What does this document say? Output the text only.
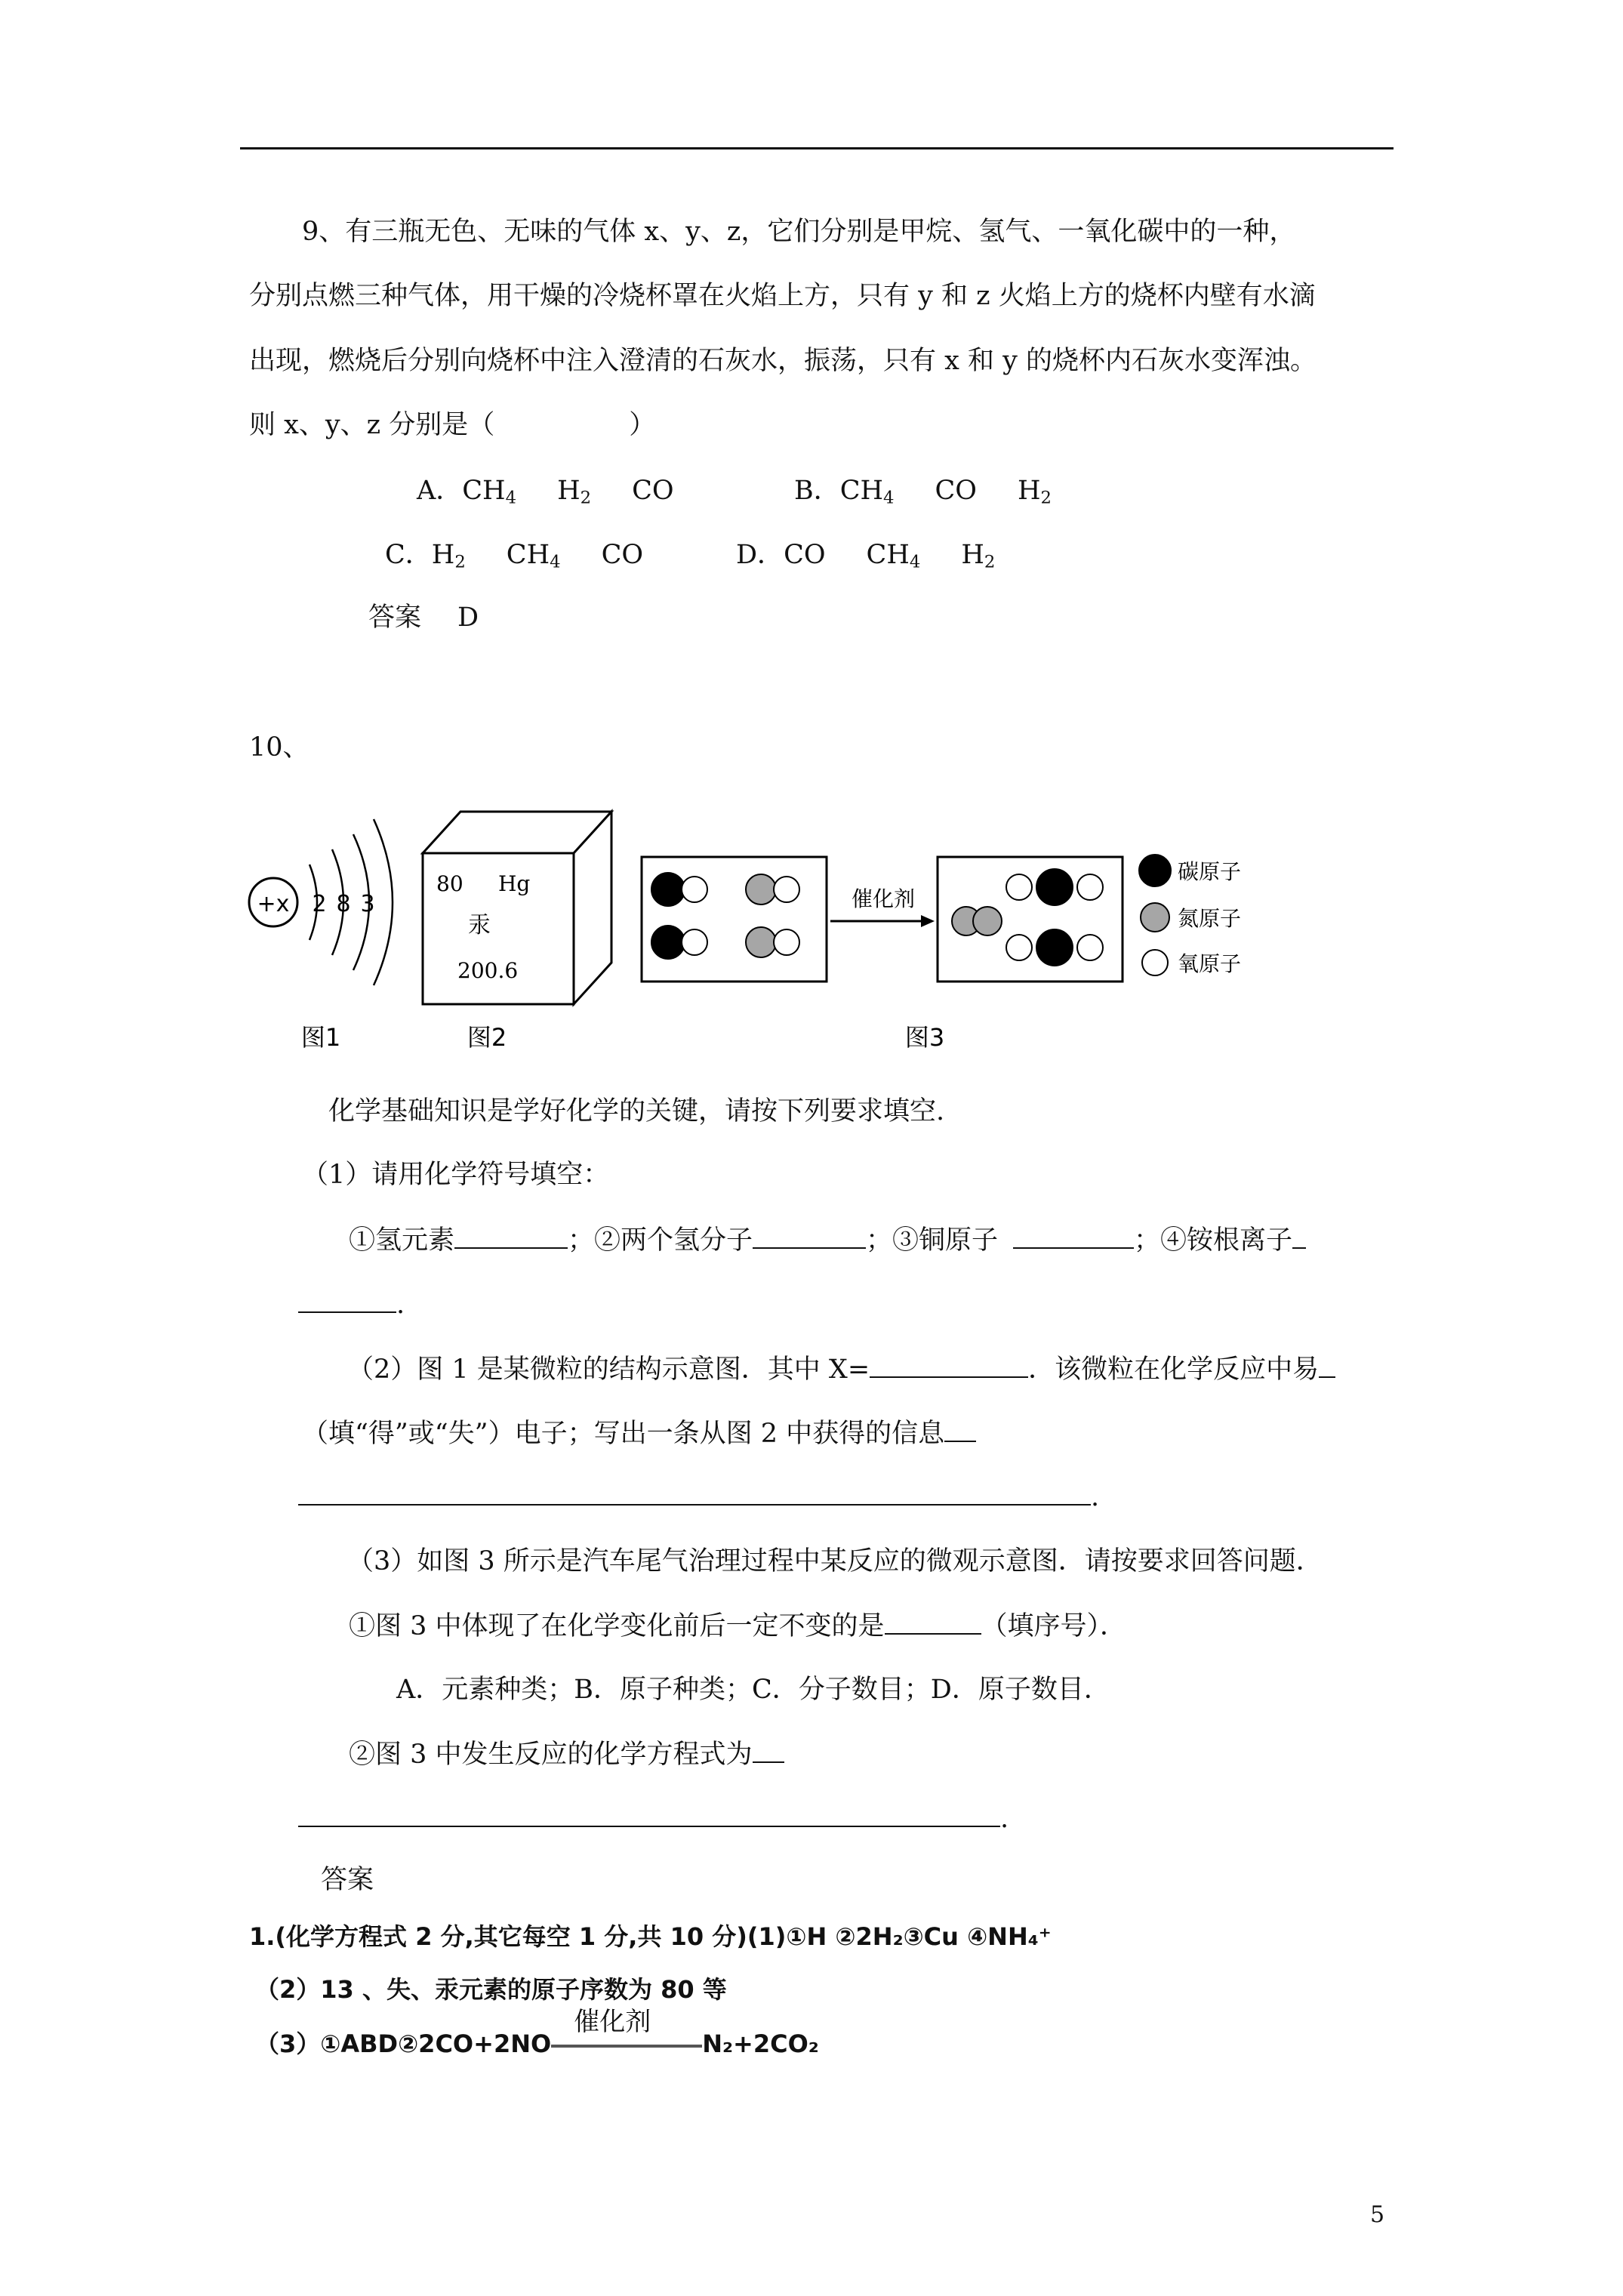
9、有三瓶无色、无味的气体 x、y、z，它们分别是甲烷、氢气、一氧化碳中的一种，
分别点燃三种气体，用干燥的冷烧杯罩在火焰上方，只有 y 和 z 火焰上方的烧杯内壁有水滴
出现，燃烧后分别向烧杯中注入澄清的石灰水，振荡，只有 x 和 y 的烧杯内石灰水变浑浊。
则 x、y、z 分别是（	）
A．$CH_4$ $H_2$ CO	B．$CH_4$ CO $H_2$
C．$H_2$ $CH_4$ CO	D．CO $CH_4$ $H_2$
答案 D
10、
+x 2 8 3
图1
80 Hg
汞
200.6
图2
催化剂
碳原子
氮原子
氧原子
图3
化学基础知识是学好化学的关键，请按下列要求填空.
（1）请用化学符号填空：
①氢元素	；②两个氢分子	；③铜原子	；④铵根离子
.
（2）图 1 是某微粒的结构示意图．其中 X=	．该微粒在化学反应中易
（填“得”或“失”）电子；写出一条从图 2 中获得的信息
.
（3）如图 3 所示是汽车尾气治理过程中某反应的微观示意图．请按要求回答问题．
①图 3 中体现了在化学变化前后一定不变的是	（填序号）．
A．元素种类；B．原子种类；C．分子数目；D．原子数目．
②图 3 中发生反应的化学方程式为
.
答案
1.(化学方程式 2 分,其它每空 1 分,共 10 分)(1)①H ②2H₂③Cu ④NH₄⁺
（2）13 、失、汞元素的原子序数为 80 等
（3）①ABD②2CO+2NO
催化剂
N₂+2CO₂
5
